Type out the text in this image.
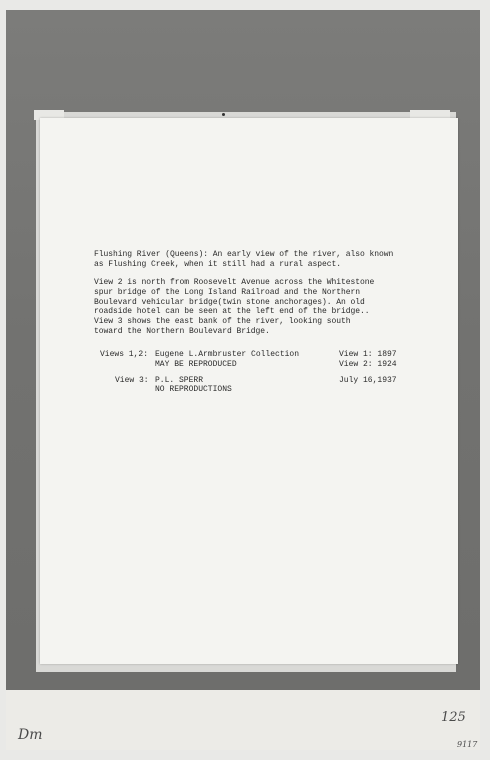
Flushing River (Queens): An early view of the river, also known

as Flushing Creek, when it still had a rural aspect.

View 2 is north from Roosevelt Avenue across the Whitestone

spur bridge of the Long Island Railroad and the Northern

Boulevard vehicular bridge(twin stone anchorages). An old

roadside hotel can be seen at the left end of the bridge..

View 3 shows the east bank of the river, looking south

toward the Northern Boulevard Bridge.

Views 1,2: Eugene L.Armbruster Collection
MAY BE REPRODUCED
View 1: 1897
View 2: 1924
View 3: P.L. SPERR
NO REPRODUCTIONS
July 16,1937
Dm
125
9117
